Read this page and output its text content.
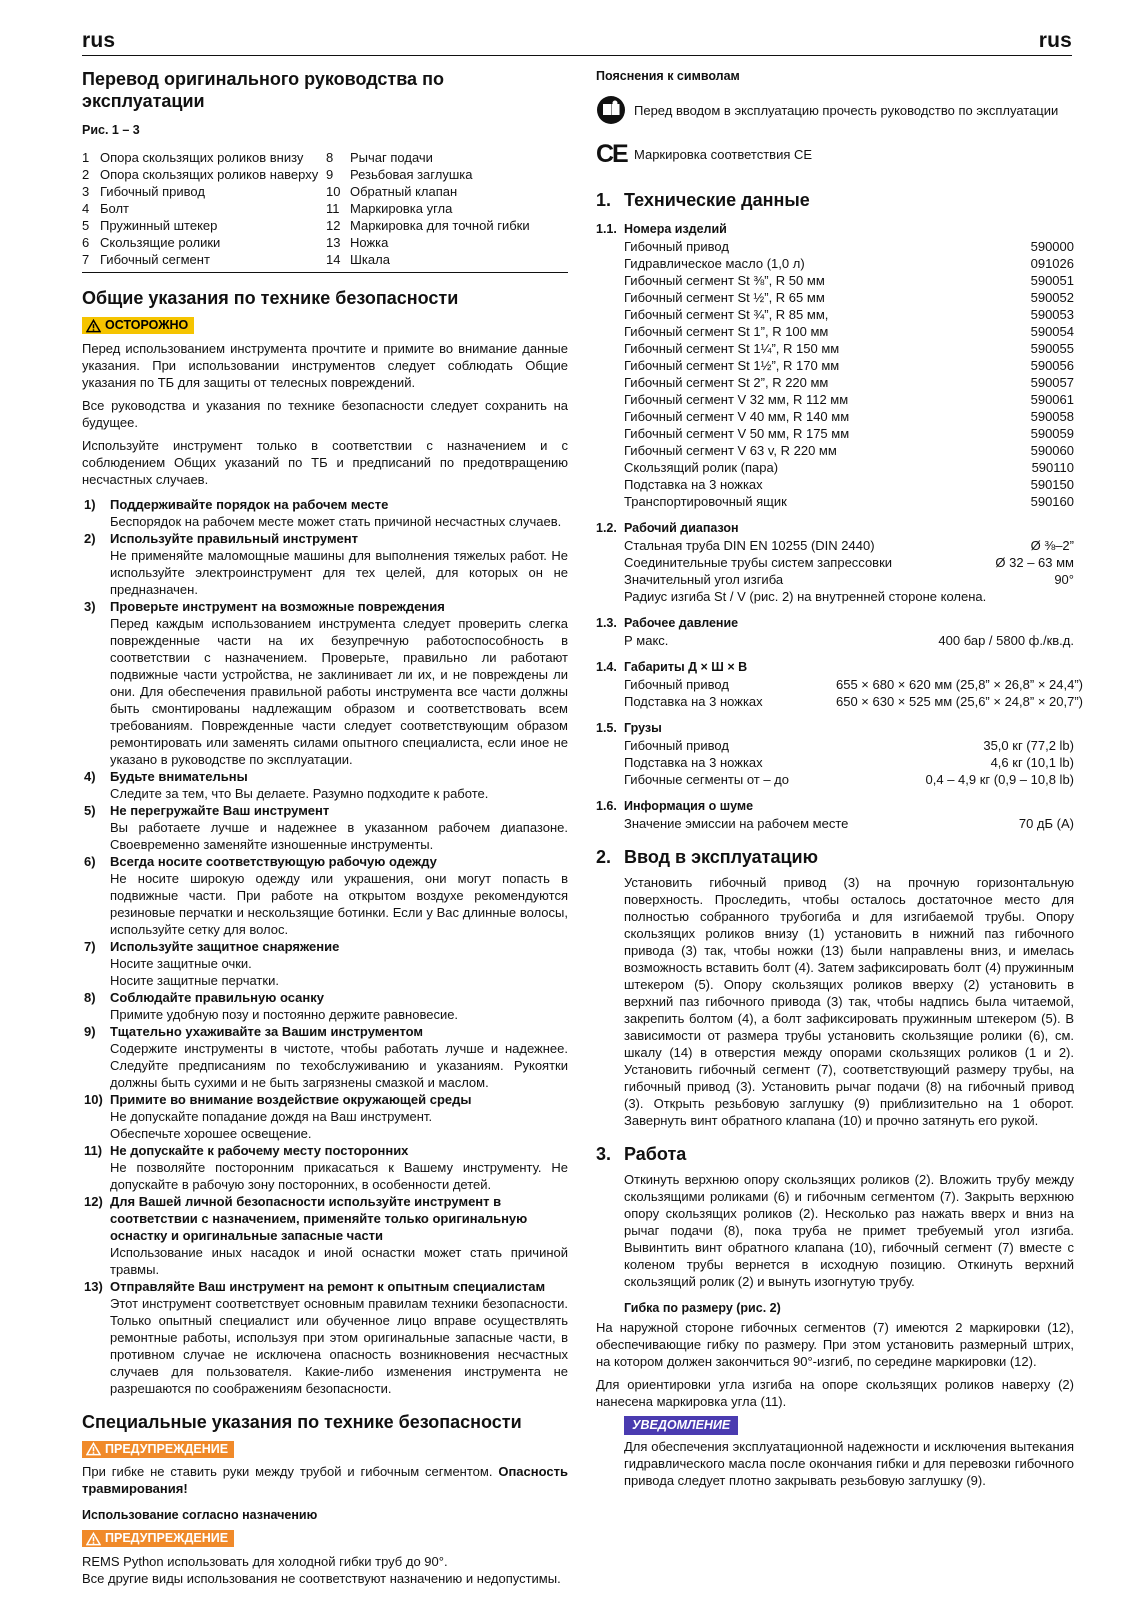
rus	rus
Перевод оригинального руководства по эксплуатации
Рис. 1 – 3
1 Опора скользящих роликов внизу	8	Рычаг подачи
2 Опора скользящих роликов наверху 9	Резьбовая заглушка
3 Гибочный привод	10 Обратный клапан
4 Болт	11 Маркировка угла
5 Пружинный штекер	12 Маркировка для точной гибки
6 Скользящие ролики	13 Ножка
7 Гибочный сегмент	14 Шкала
Общие указания по технике безопасности
ОСТОРОЖНО

Перед использованием инструмента прочтите и примите во внимание данные указания. При использовании инструментов следует соблюдать Общие указания по ТБ для защиты от телесных повреждений.

Все руководства и указания по технике безопасности следует сохранить на будущее.

Используйте инструмент только в соответствии с назначением и с соблюдением Общих указаний по ТБ и предписаний по предотвращению несчастных случаев.

1)	Поддерживайте порядок на рабочем месте
Беспорядок на рабочем месте может стать причиной несчастных случаев.
2)	Используйте правильный инструмент
Не применяйте маломощные машины для выполнения тяжелых работ. Не используйте электроинструмент для тех целей, для которых он не предназначен.
3)	Проверьте инструмент на возможные повреждения
Перед каждым использованием инструмента следует проверить слегка поврежденные части на их безупречную работоспособность в соответствии с назначением. Проверьте, правильно ли работают подвижные части устройства, не заклинивает ли их, и не повреждены ли они. Для обеспечения правильной работы инструмента все части должны быть смонтированы надлежащим образом и соответствовать всем требованиям. Поврежденные части следует соответствующим образом ремонтировать или заменять силами опытного специалиста, если иное не указано в руководстве по эксплуатации.
4)	Будьте внимательны
Следите за тем, что Вы делаете. Разумно подходите к работе.
5)	Не перегружайте Ваш инструмент
Вы работаете лучше и надежнее в указанном рабочем диапазоне. Своевременно заменяйте изношенные инструменты.
6)	Всегда носите соответствующую рабочую одежду
Не носите широкую одежду или украшения, они могут попасть в подвижные части. При работе на открытом воздухе рекомендуются резиновые перчатки и нескользящие ботинки. Если у Вас длинные волосы, используйте сетку для волос.
7)	Используйте защитное снаряжение
Носите защитные очки.
Носите защитные перчатки.
8)	Соблюдайте правильную осанку
Примите удобную позу и постоянно держите равновесие.
9)	Тщательно ухаживайте за Вашим инструментом
Содержите инструменты в чистоте, чтобы работать лучше и надежнее. Следуйте предписаниям по техобслуживанию и указаниям. Рукоятки должны быть сухими и не быть загрязнены смазкой и маслом.
10) Примите во внимание воздействие окружающей среды
Не допускайте попадание дождя на Ваш инструмент.
Обеспечьте хорошее освещение.
11) Не допускайте к рабочему месту посторонних
Не позволяйте посторонним прикасаться к Вашему инструменту. Не допускайте в рабочую зону посторонних, в особенности детей.
12) Для Вашей личной безопасности используйте инструмент в соответствии с назначением, применяйте только оригинальную оснастку и оригинальные запасные части
Использование иных насадок и иной оснастки может стать причиной травмы.
13) Отправляйте Ваш инструмент на ремонт к опытным специалистам
Этот инструмент соответствует основным правилам техники безопасности. Только опытный специалист или обученное лицо вправе осуществлять ремонтные работы, используя при этом оригинальные запасные части, в противном случае не исключена опасность возникновения несчастных случаев для пользователя. Какие-либо изменения инструмента не разрешаются по соображениям безопасности.
Специальные указания по технике безопасности
ПРЕДУПРЕЖДЕНИЕ

При гибке не ставить руки между трубой и гибочным сегментом. Опасность травмирования!

Использование согласно назначению
ПРЕДУПРЕЖДЕНИЕ

REMS Python использовать для холодной гибки труб до 90°.

Все другие виды использования не соответствуют назначению и недопустимы.

Пояснения к символам
Перед вводом в эксплуатацию прочесть руководство по эксплуатации
CE Маркировка соответствия CE
1. Технические данные
1.1. Номера изделий
Гибочный привод	590000
Гидравлическое масло (1,0 л)	091026
Гибочный сегмент St ⅜”, R 50 мм	590051
Гибочный сегмент St ½”, R 65 мм	590052
Гибочный сегмент St ¾”, R 85 мм,	590053
Гибочный сегмент St 1”, R 100 мм	590054
Гибочный сегмент St 1¼”, R 150 мм	590055
Гибочный сегмент St 1½”, R 170 мм	590056
Гибочный сегмент St 2”, R 220 мм	590057
Гибочный сегмент V 32 мм, R 112 мм	590061
Гибочный сегмент V 40 мм, R 140 мм	590058
Гибочный сегмент V 50 мм, R 175 мм	590059
Гибочный сегмент V 63 v, R 220 мм	590060
Скользящий ролик (пара)	590110
Подставка на 3 ножках	590150
Транспортировочный ящик	590160
1.2. Рабочий диапазон
Стальная труба DIN EN 10255 (DIN 2440)	Ø ⅜–2”
Соединительные трубы систем запрессовки	Ø 32 – 63 мм
Значительный угол изгиба	90°
Радиус изгиба St / V (рис. 2) на внутренней стороне колена.
1.3. Рабочее давление
Р макс.	400 бар / 5800 ф./кв.д.
1.4. Габариты Д × Ш × В
Гибочный привод	655 × 680 × 620 мм (25,8” × 26,8” × 24,4”)
Подставка на 3 ножках	650 × 630 × 525 мм (25,6” × 24,8” × 20,7”)
1.5. Грузы
Гибочный привод	35,0 кг (77,2 lb)
Подставка на 3 ножках	4,6 кг (10,1 lb)
Гибочные сегменты от – до	0,4 – 4,9 кг (0,9 – 10,8 lb)
1.6. Информация о шуме
Значение эмиссии на рабочем месте	70 дБ (A)
2. Ввод в эксплуатацию

Установить гибочный привод (3) на прочную горизонтальную поверхность. Проследить, чтобы осталось достаточное место для полностью собранного трубогиба и для изгибаемой трубы. Опору скользящих роликов внизу (1) установить в нижний паз гибочного привода (3) так, чтобы ножки (13) были направлены вниз, и имелась возможность вставить болт (4). Затем зафиксировать болт (4) пружинным штекером (5). Опору скользящих роликов вверху (2) установить в верхний паз гибочного привода (3) так, чтобы надпись была читаемой, закрепить болтом (4), а болт зафиксировать пружинным штекером (5). В зависимости от размера трубы установить скользящие ролики (6), см. шкалу (14) в отверстия между опорами скользящих роликов (1 и 2). Установить гибочный сегмент (7), соответствующий размеру трубы, на гибочный привод (3). Установить рычаг подачи (8) на гибочный привод (3). Открыть резьбовую заглушку (9) приблизительно на 1 оборот. Завернуть винт обратного клапана (10) и прочно затянуть его рукой.

3. Работа

Откинуть верхнюю опору скользящих роликов (2). Вложить трубу между скользящими роликами (6) и гибочным сегментом (7). Закрыть верхнюю опору скользящих роликов (2). Несколько раз нажать вверх и вниз на рычаг подачи (8), пока труба не примет требуемый угол изгиба. Вывинтить винт обратного клапана (10), гибочный сегмент (7) вместе с коленом трубы вернется в исходную позицию. Откинуть верхний скользящий ролик (2) и вынуть изогнутую трубу.

Гибка по размеру (рис. 2)

На наружной стороне гибочных сегментов (7) имеются 2 маркировки (12), обеспечивающие гибку по размеру. При этом установить размерный штрих, на котором должен закончиться 90°-изгиб, по середине маркировки (12).

Для ориентировки угла изгиба на опоре скользящих роликов наверху (2) нанесена маркировка угла (11).

УВЕДОМЛЕНИЕ

Для обеспечения эксплуатационной надежности и исключения вытекания гидравлического масла после окончания гибки и для перевозки гибочного привода следует плотно закрывать резьбовую заглушку (9).
